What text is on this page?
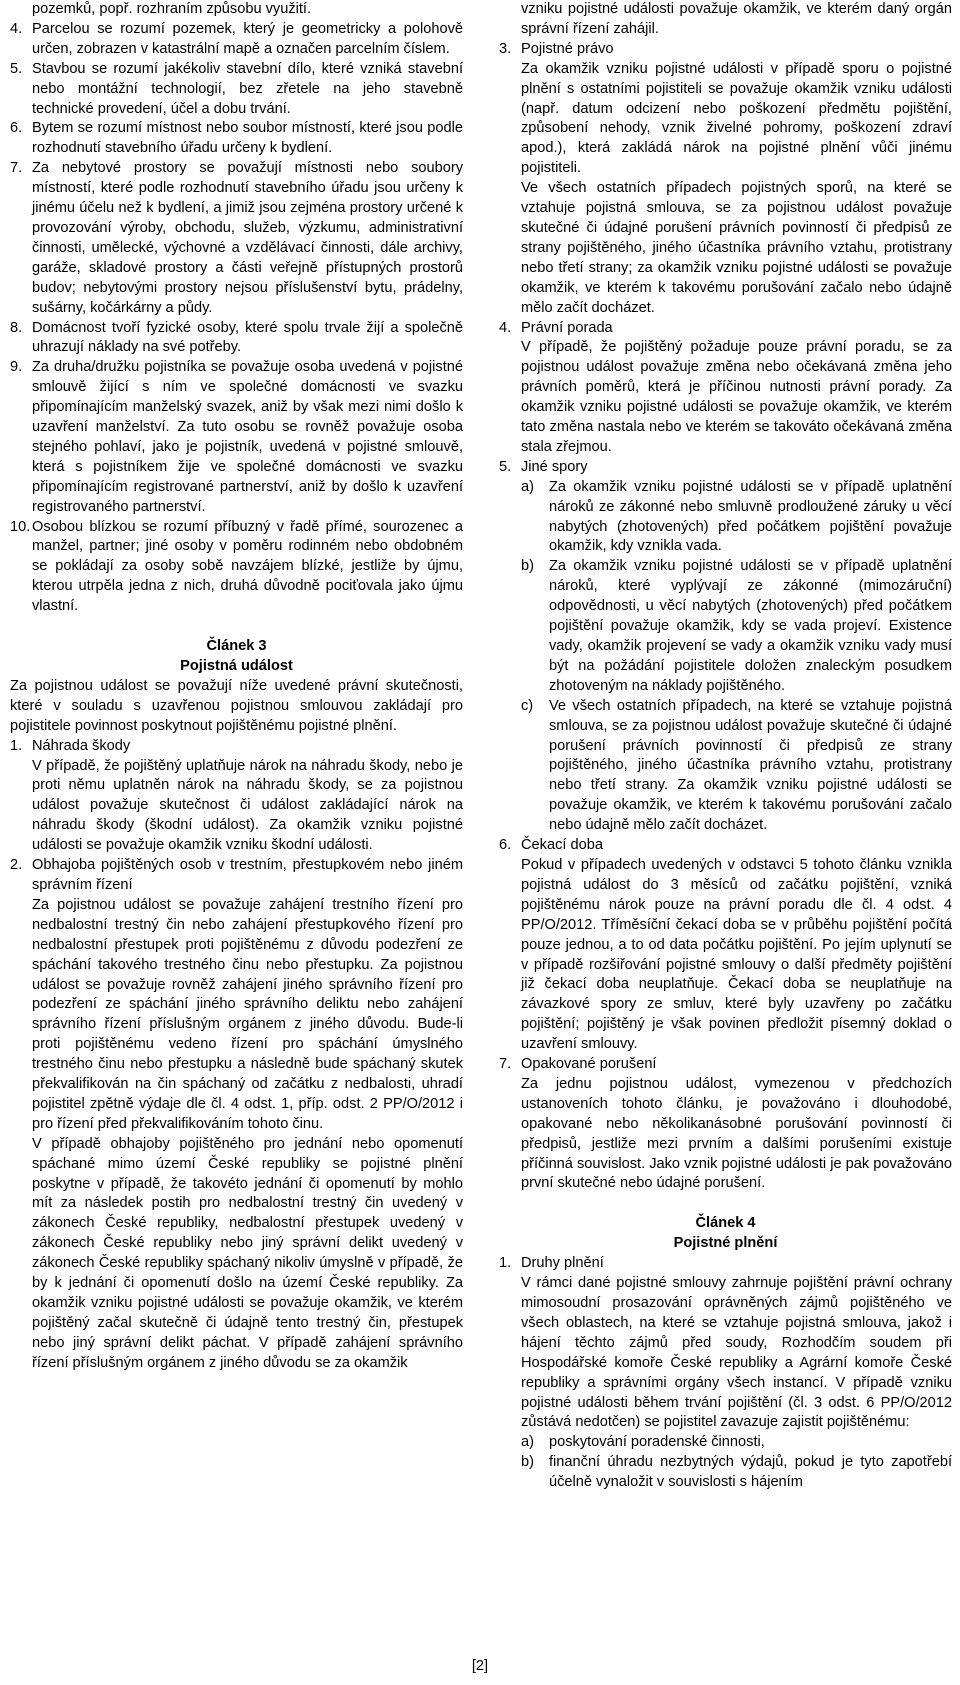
pozemků, popř. rozhraním způsobu využití.

4. Parcelou se rozumí pozemek, který je geometricky a polohově určen, zobrazen v katastrální mapě a označen parcelním číslem.
5. Stavbou se rozumí jakékoliv stavební dílo, které vzniká stavební nebo montážní technologií, bez zřetele na jeho stavebně technické provedení, účel a dobu trvání.
6. Bytem se rozumí místnost nebo soubor místností, které jsou podle rozhodnutí stavebního úřadu určeny k bydlení.
7. Za nebytové prostory se považují místnosti nebo soubory místností, které podle rozhodnutí stavebního úřadu jsou určeny k jinému účelu než k bydlení, a jimiž jsou zejména prostory určené k provozování výroby, obchodu, služeb, výzkumu, administrativní činnosti, umělecké, výchovné a vzdělávací činnosti, dále archivy, garáže, skladové prostory a části veřejně přístupných prostorů budov; nebytovými prostory nejsou příslušenství bytu, prádelny, sušárny, kočárkárny a půdy.
8. Domácnost tvoří fyzické osoby, které spolu trvale žijí a společně uhrazují náklady na své potřeby.
9. Za druha/družku pojistníka se považuje osoba uvedená v pojistné smlouvě žijící s ním ve společné domácnosti ve svazku připomínajícím manželský svazek, aniž by však mezi nimi došlo k uzavření manželství. Za tuto osobu se rovněž považuje osoba stejného pohlaví, jako je pojistník, uvedená v pojistné smlouvě, která s pojistníkem žije ve společné domácnosti ve svazku připomínajícím registrované partnerství, aniž by došlo k uzavření registrovaného partnerství.
10. Osobou blízkou se rozumí příbuzný v řadě přímé, sourozenec a manžel, partner; jiné osoby v poměru rodinném nebo obdobném se pokládají za osoby sobě navzájem blízké, jestliže by újmu, kterou utrpěla jedna z nich, druhá důvodně pociťovala jako újmu vlastní.

Článek 3

Pojistná událost

Za pojistnou událost se považují níže uvedené právní skutečnosti, které v souladu s uzavřenou pojistnou smlouvou zakládají pro pojistitele povinnost poskytnout pojištěnému pojistné plnění.

1. Náhrada škody

V případě, že pojištěný uplatňuje nárok na náhradu škody, nebo je proti němu uplatněn nárok na náhradu škody, se za pojistnou událost považuje skutečnost či událost zakládající nárok na náhradu škody (škodní událost). Za okamžik vzniku pojistné události se považuje okamžik vzniku škodní události.

2. Obhajoba pojištěných osob v trestním, přestupkovém nebo jiném správním řízení

Za pojistnou událost se považuje zahájení trestního řízení pro nedbalostní trestný čin nebo zahájení přestupkového řízení pro nedbalostní přestupek proti pojištěnému z důvodu podezření ze spáchání takového trestného činu nebo přestupku. Za pojistnou událost se považuje rovněž zahájení jiného správního řízení pro podezření ze spáchání jiného správního deliktu nebo zahájení správního řízení příslušným orgánem z jiného důvodu. Bude-li proti pojištěnému vedeno řízení pro spáchání úmyslného trestného činu nebo přestupku a následně bude spáchaný skutek překvalifikován na čin spáchaný od začátku z nedbalosti, uhradí pojistitel zpětně výdaje dle čl. 4 odst. 1, příp. odst. 2 PP/O/2012 i pro řízení před překvalifikováním tohoto činu.

V případě obhajoby pojištěného pro jednání nebo opomenutí spáchané mimo území České republiky se pojistné plnění poskytne v případě, že takovéto jednání či opomenutí by mohlo mít za následek postih pro nedbalostní trestný čin uvedený v zákonech České republiky, nedbalostní přestupek uvedený v zákonech České republiky nebo jiný správní delikt uvedený v zákonech České republiky spáchaný nikoliv úmyslně v případě, že by k jednání či opomenutí došlo na území České republiky. Za okamžik vzniku pojistné události se považuje okamžik, ve kterém pojištěný začal skutečně či údajně tento trestný čin, přestupek nebo jiný správní delikt páchat. V případě zahájení správního řízení příslušným orgánem z jiného důvodu se za okamžik

vzniku pojistné události považuje okamžik, ve kterém daný orgán správní řízení zahájil.

3. Pojistné právo

Za okamžik vzniku pojistné události v případě sporu o pojistné plnění s ostatními pojistiteli se považuje okamžik vzniku události (např. datum odcizení nebo poškození předmětu pojištění, způsobení nehody, vznik živelné pohromy, poškození zdraví apod.), která zakládá nárok na pojistné plnění vůči jinému pojistiteli.

Ve všech ostatních případech pojistných sporů, na které se vztahuje pojistná smlouva, se za pojistnou událost považuje skutečné či údajné porušení právních povinností či předpisů ze strany pojištěného, jiného účastníka právního vztahu, protistrany nebo třetí strany; za okamžik vzniku pojistné události se považuje okamžik, ve kterém k takovému porušování začalo nebo údajně mělo začít docházet.

4. Právní porada

V případě, že pojištěný požaduje pouze právní poradu, se za pojistnou událost považuje změna nebo očekávaná změna jeho právních poměrů, která je příčinou nutnosti právní porady. Za okamžik vzniku pojistné události se považuje okamžik, ve kterém tato změna nastala nebo ve kterém se takováto očekávaná změna stala zřejmou.

5. Jiné spory
a)	Za okamžik vzniku pojistné události se v případě uplatnění nároků ze zákonné nebo smluvně prodloužené záruky u věcí nabytých (zhotovených) před počátkem pojištění považuje okamžik, kdy vznikla vada.
b)	Za okamžik vzniku pojistné události se v případě uplatnění nároků, které vyplývají ze zákonné (mimozáruční) odpovědnosti, u věcí nabytých (zhotovených) před počátkem pojištění považuje okamžik, kdy se vada projeví. Existence vady, okamžik projevení se vady a okamžik vzniku vady musí být na požádání pojistitele doložen znaleckým posudkem zhotoveným na náklady pojištěného.
c)	Ve všech ostatních případech, na které se vztahuje pojistná smlouva, se za pojistnou událost považuje skutečné či údajné porušení právních povinností či předpisů ze strany pojištěného, jiného účastníka právního vztahu, protistrany nebo třetí strany. Za okamžik vzniku pojistné události se považuje okamžik, ve kterém k takovému porušování začalo nebo údajně mělo začít docházet.
6. Čekací doba

Pokud v případech uvedených v odstavci 5 tohoto článku vznikla pojistná událost do 3 měsíců od začátku pojištění, vzniká pojištěnému nárok pouze na právní poradu dle čl. 4 odst. 4 PP/O/2012. Tříměsíční čekací doba se v průběhu pojištění počítá pouze jednou, a to od data počátku pojištění. Po jejím uplynutí se v případě rozšiřování pojistné smlouvy o další předměty pojištění již čekací doba neuplatňuje. Čekací doba se neuplatňuje na závazkové spory ze smluv, které byly uzavřeny po začátku pojištění; pojištěný je však povinen předložit písemný doklad o uzavření smlouvy.

7. Opakované porušení

Za jednu pojistnou událost, vymezenou v předchozích ustanoveních tohoto článku, je považováno i dlouhodobé, opakované nebo několikanásobné porušování povinností či předpisů, jestliže mezi prvním a dalšími porušeními existuje příčinná souvislost. Jako vznik pojistné události je pak považováno první skutečné nebo údajné porušení.

Článek 4

Pojistné plnění

1. Druhy plnění

V rámci dané pojistné smlouvy zahrnuje pojištění právní ochrany mimosoudní prosazování oprávněných zájmů pojištěného ve všech oblastech, na které se vztahuje pojistná smlouva, jakož i hájení těchto zájmů před soudy, Rozhodčím soudem při Hospodářské komoře České republiky a Agrární komoře České republiky a správními orgány všech instancí. V případě vzniku pojistné události během trvání pojištění (čl. 3 odst. 6 PP/O/2012 zůstává nedotčen) se pojistitel zavazuje zajistit pojištěnému:

a)	poskytování poradenské činnosti,
b)	finanční úhradu nezbytných výdajů, pokud je tyto zapotřebí účelně vynaložit v souvislosti s hájením
[2]
